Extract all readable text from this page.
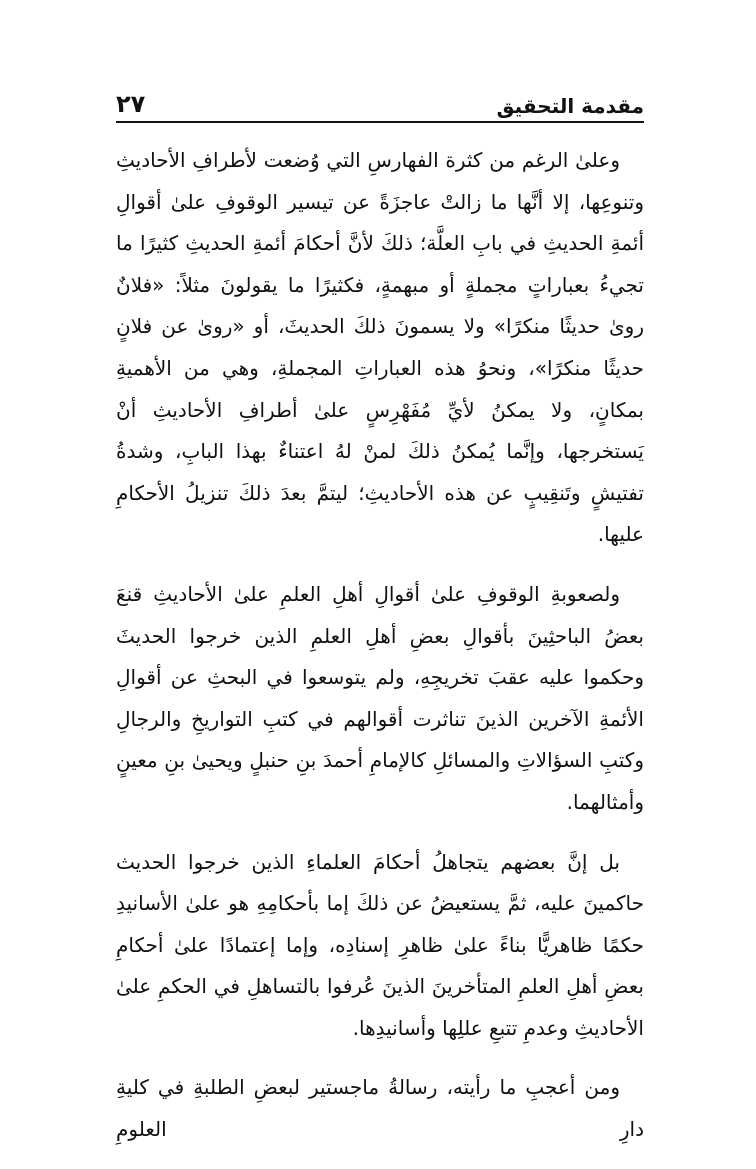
مقدمة التحقيق
٢٧

وعلىٰ الرغم من كثرة الفهارسِ التي وُضعت لأطرافِ الأحاديثِ وتنوعِها، إلا أنَّها ما زالتْ عاجزَةً عن تيسير الوقوفِ علىٰ أقوالِ أئمةِ الحديثِ في بابِ العلَّة؛ ذلكَ لأنَّ أحكامَ أئمةِ الحديثِ كثيرًا ما تجيءُ بعباراتٍ مجملةٍ أو مبهمةٍ، فكثيرًا ما يقولونَ مثلاً: «فلانٌ روىٰ حديثًا منكرًا» ولا يسمونَ ذلكَ الحديثَ، أو «روىٰ عن فلانٍ حديثًا منكرًا»، ونحوُ هذه العباراتِ المجملةِ، وهي من الأهميةِ بمكانٍ، ولا يمكنُ لأيِّ مُفَهْرِسٍ علىٰ أطرافِ الأحاديثِ أنْ يَستخرجها، وإنَّما يُمكنُ ذلكَ لمنْ لهُ اعتناءٌ بهذا البابِ، وشدةُ تفتيشٍ وتَنقِيبٍ عن هذه الأحاديثِ؛ ليتمَّ بعدَ ذلكَ تنزيلُ الأحكامِ عليها.

ولصعوبةِ الوقوفِ علىٰ أقوالِ أهلِ العلمِ علىٰ الأحاديثِ قنعَ بعضُ الباحثِينَ بأقوالِ بعضِ أهلِ العلمِ الذين خرجوا الحديثَ وحكموا عليه عقبَ تخريجِهِ، ولم يتوسعوا في البحثِ عن أقوالِ الأئمةِ الآخرين الذينَ تناثرت أقوالهم في كتبِ التواريخِ والرجالِ وكتبِ السؤالاتِ والمسائلِ كالإمامِ أحمدَ بنِ حنبلٍ ويحيىٰ بنِ معينٍ وأمثالهما.

بل إنَّ بعضهم يتجاهلُ أحكامَ العلماءِ الذين خرجوا الحديث حاكمينَ عليه، ثمَّ يستعيضُ عن ذلكَ إما بأحكامِهِ هو علىٰ الأسانيدِ حكمًا ظاهريًّا بناءً علىٰ ظاهرِ إسنادِه، وإما إعتمادًا علىٰ أحكامِ بعضِ أهلِ العلمِ المتأخرينَ الذينَ عُرفوا بالتساهلِ في الحكمِ علىٰ الأحاديثِ وعدمِ تتبعِ عللِها وأسانيدِها.

ومن أعجبِ ما رأيته، رسالةُ ماجستير لبعضِ الطلبةِ في كليةِ دارِ العلومِ
